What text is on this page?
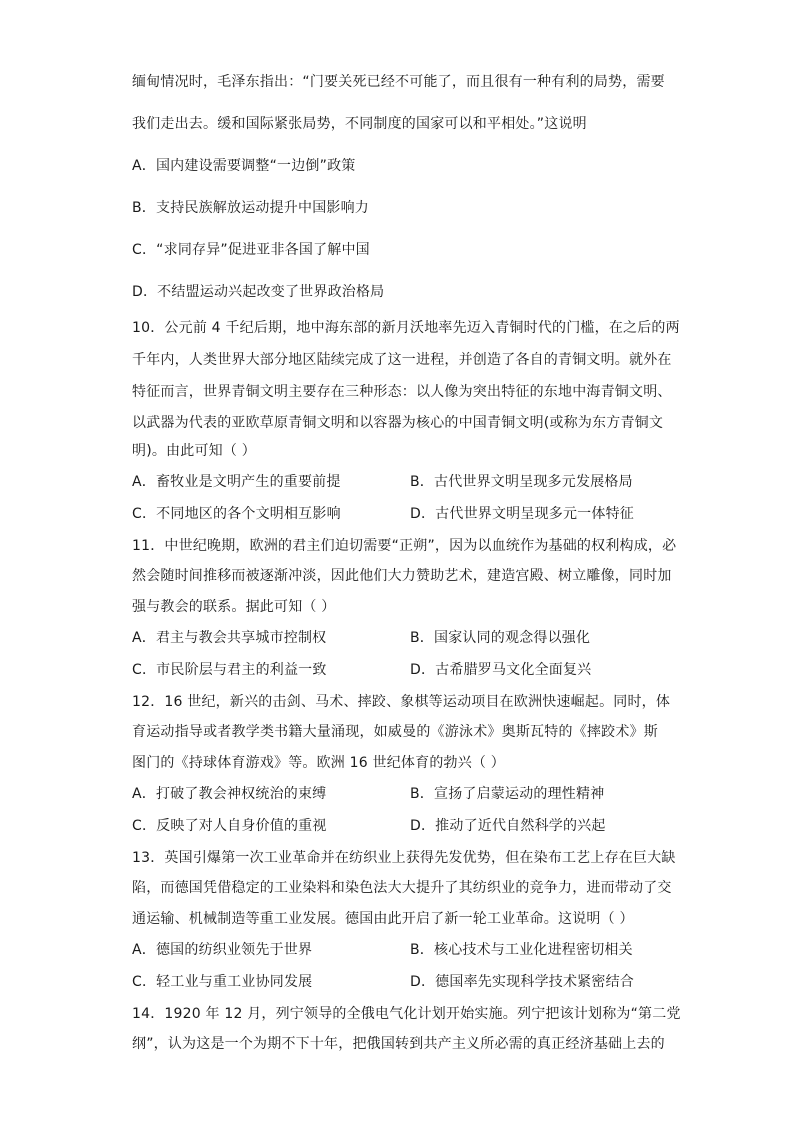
缅甸情况时，毛泽东指出：“门要关死已经不可能了，而且很有一种有利的局势，需要
我们走出去。缓和国际紧张局势，不同制度的国家可以和平相处。”这说明
A．国内建设需要调整“一边倒”政策
B．支持民族解放运动提升中国影响力
C．“求同存异”促进亚非各国了解中国
D．不结盟运动兴起改变了世界政治格局
10．公元前 4 千纪后期，地中海东部的新月沃地率先迈入青铜时代的门槛，在之后的两
千年内，人类世界大部分地区陆续完成了这一进程，并创造了各自的青铜文明。就外在
特征而言，世界青铜文明主要存在三种形态：以人像为突出特征的东地中海青铜文明、
以武器为代表的亚欧草原青铜文明和以容器为核心的中国青铜文明(或称为东方青铜文
明)。由此可知（ ）
A．畜牧业是文明产生的重要前提	B．古代世界文明呈现多元发展格局
C．不同地区的各个文明相互影响	D．古代世界文明呈现多元一体特征
11．中世纪晚期，欧洲的君主们迫切需要“正朔”，因为以血统作为基础的权利构成，必
然会随时间推移而被逐渐冲淡，因此他们大力赞助艺术，建造宫殿、树立雕像，同时加
强与教会的联系。据此可知（ ）
A．君主与教会共享城市控制权	B．国家认同的观念得以强化
C．市民阶层与君主的利益一致	D．古希腊罗马文化全面复兴
12．16 世纪，新兴的击剑、马术、摔跤、象棋等运动项目在欧洲快速崛起。同时，体
育运动指导或者教学类书籍大量涌现，如威曼的《游泳术》奥斯瓦特的《摔跤术》斯
图门的《持球体育游戏》等。欧洲 16 世纪体育的勃兴（ ）
A．打破了教会神权统治的束缚	B．宣扬了启蒙运动的理性精神
C．反映了对人自身价值的重视	D．推动了近代自然科学的兴起
13．英国引爆第一次工业革命并在纺织业上获得先发优势，但在染布工艺上存在巨大缺
陷，而德国凭借稳定的工业染料和染色法大大提升了其纺织业的竞争力，进而带动了交
通运输、机械制造等重工业发展。德国由此开启了新一轮工业革命。这说明（ ）
A．德国的纺织业领先于世界	B．核心技术与工业化进程密切相关
C．轻工业与重工业协同发展	D．德国率先实现科学技术紧密结合
14．1920 年 12 月，列宁领导的全俄电气化计划开始实施。列宁把该计划称为“第二党
纲”，认为这是一个为期不下十年，把俄国转到共产主义所必需的真正经济基础上去的
